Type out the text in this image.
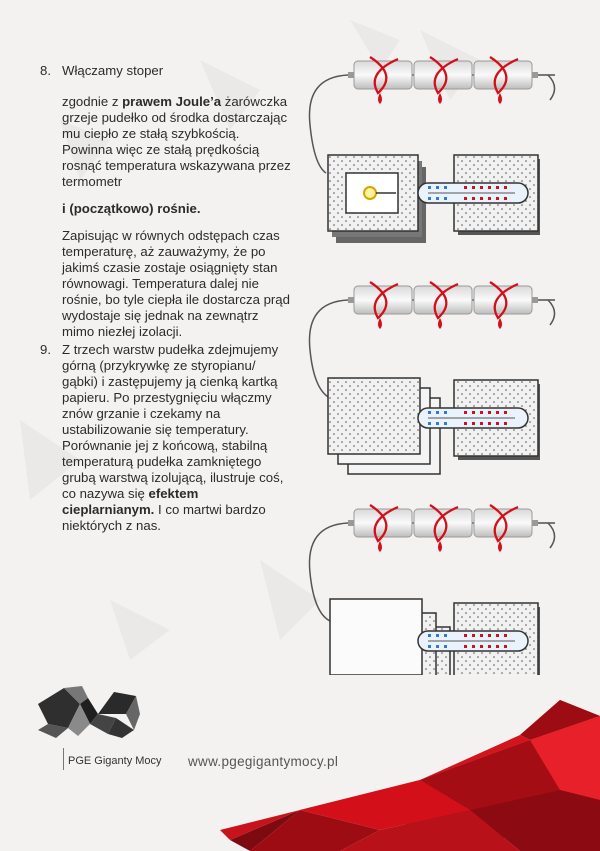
8. Włączamy stoper
zgodnie z prawem Joule’a żarówczka grzeje pudełko od środka dostarczając mu ciepło ze stałą szybkością. Powinna więc ze stałą prędkością rosnąć temperatura wskazywana przez termometr
i (początkowo) rośnie.
Zapisując w równych odstępach czas temperaturę, aż zauważymy, że po jakimś czasie zostaje osiągnięty stan równowagi. Temperatura dalej nie rośnie, bo tyle ciepła ile dostarcza prąd wydostaje się jednak na zewnątrz mimo niezłej izolacji.
9. Z trzech warstw pudełka zdejmujemy górną (przykrywkę ze styropianu/ gąbki) i zastępujemy ją cienką kartką papieru. Po przestygnięciu włączmy znów grzanie i czekamy na ustabilizowanie się temperatury. Porównanie jej z końcową, stabilną temperaturą pudełka zamkniętego grubą warstwą izolującą, ilustruje coś, co nazywa się efektem cieplarnianym. I co martwi bardzo niektórych z nas.
PGE Giganty Mocy www.pgegigantymocy.pl
